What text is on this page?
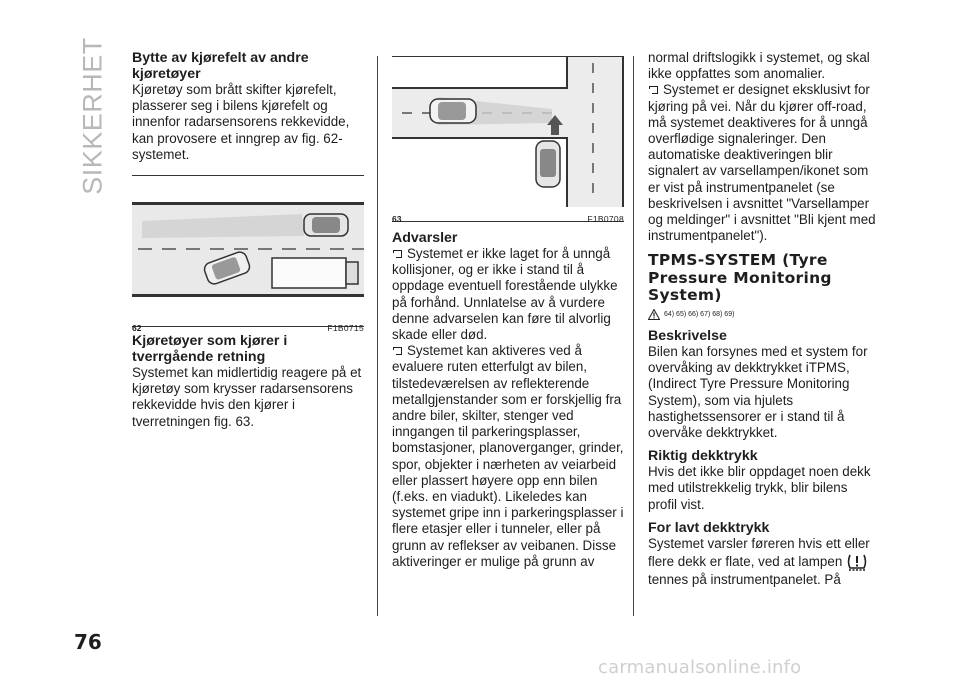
SIKKERHET Bytte av kjørefelt av andre kjøretøyer

Kjøretøy som brått skifter kjørefelt, plasserer seg i bilens kjørefelt og innenfor radarsensorens rekkevidde, kan provosere et inngrep av fig. 62- systemet.

62	F1B0715
Kjøretøyer som kjører i tverrgående retning

Systemet kan midlertidig reagere på et kjøretøy som krysser radarsensorens rekkevidde hvis den kjører i tverretningen fig. 63.

63	F1B0708
Advarsler

Systemet er ikke laget for å unngå kollisjoner, og er ikke i stand til å oppdage eventuell forestående ulykke på forhånd. Unnlatelse av å vurdere denne advarselen kan føre til alvorlig skade eller død.

Systemet kan aktiveres ved å evaluere ruten etterfulgt av bilen, tilstedeværelsen av reflekterende metallgjenstander som er forskjellig fra andre biler, skilter, stenger ved inngangen til parkeringsplasser, bomstasjoner, planoverganger, grinder, spor, objekter i nærheten av veiarbeid eller plassert høyere opp enn bilen (f.eks. en viadukt). Likeledes kan systemet gripe inn i parkeringsplasser i flere etasjer eller i tunneler, eller på grunn av reflekser av veibanen. Disse aktiveringer er mulige på grunn av

normal driftslogikk i systemet, og skal ikke oppfattes som anomalier.

Systemet er designet eksklusivt for kjøring på vei. Når du kjører off-road, må systemet deaktiveres for å unngå overflødige signaleringer. Den automatiske deaktiveringen blir signalert av varsellampen/ikonet som er vist på instrumentpanelet (se beskrivelsen i avsnittet "Varsellamper og meldinger" i avsnittet "Bli kjent med instrumentpanelet").

TPMS-SYSTEM (Tyre Pressure Monitoring System)
64) 65) 66) 67) 68) 69)
Beskrivelse

Bilen kan forsynes med et system for overvåking av dekktrykket iTPMS, (Indirect Tyre Pressure Monitoring System), som via hjulets hastighetssensorer er i stand til å overvåke dekktrykket.

Riktig dekktrykk

Hvis det ikke blir oppdaget noen dekk med utilstrekkelig trykk, blir bilens profil vist.

For lavt dekktrykk

Systemet varsler føreren hvis ett eller flere dekk er flate, ved at lampen
tennes på instrumentpanelet. På

76
carmanualsonline.info
